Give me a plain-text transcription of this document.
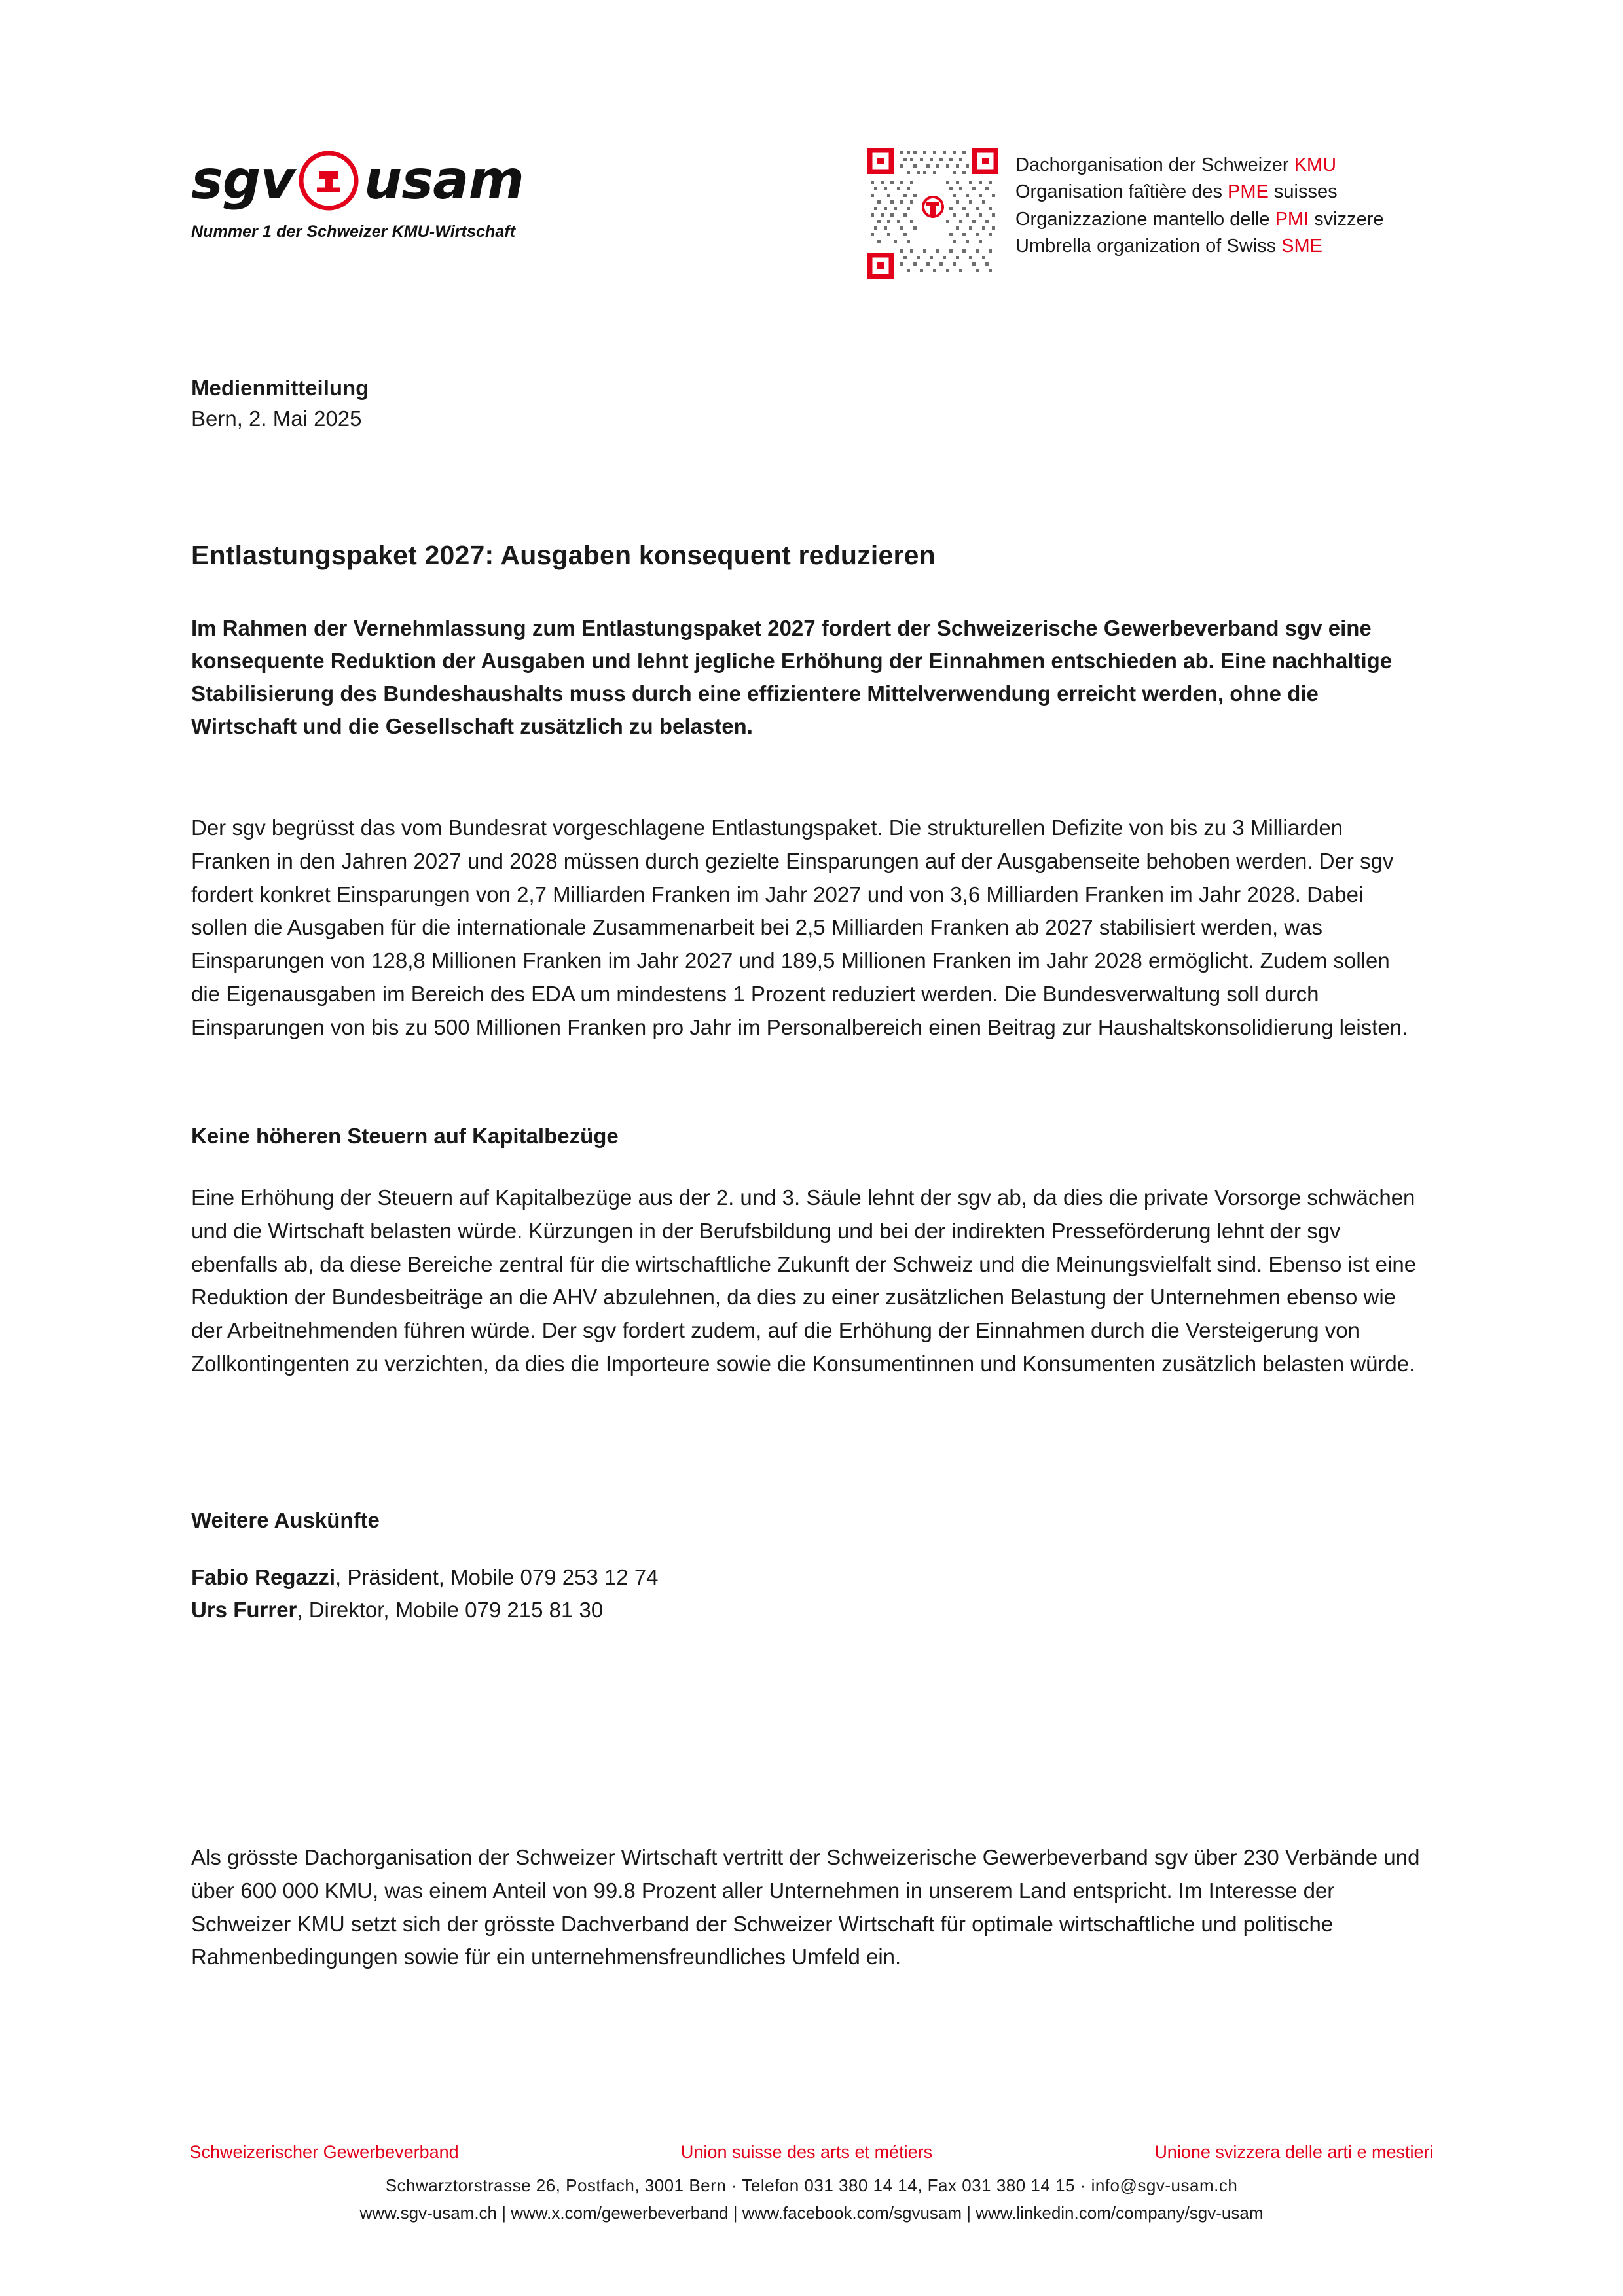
sgv usam
Nummer 1 der Schweizer KMU-Wirtschaft
Dachorganisation der Schweizer KMU
Organisation faîtière des PME suisses
Organizzazione mantello delle PMI svizzere
Umbrella organization of Swiss SME
Medienmitteilung
Bern, 2. Mai 2025
Entlastungspaket 2027: Ausgaben konsequent reduzieren

Im Rahmen der Vernehmlassung zum Entlastungspaket 2027 fordert der Schweizerische Gewerbeverband sgv eine konsequente Reduktion der Ausgaben und lehnt jegliche Erhöhung der Einnahmen entschieden ab. Eine nachhaltige Stabilisierung des Bundeshaushalts muss durch eine effizientere Mittelverwendung erreicht werden, ohne die Wirtschaft und die Gesellschaft zusätzlich zu belasten.

Der sgv begrüsst das vom Bundesrat vorgeschlagene Entlastungspaket. Die strukturellen Defizite von bis zu 3 Milliarden Franken in den Jahren 2027 und 2028 müssen durch gezielte Einsparungen auf der Ausgabenseite behoben werden. Der sgv fordert konkret Einsparungen von 2,7 Milliarden Franken im Jahr 2027 und von 3,6 Milliarden Franken im Jahr 2028. Dabei sollen die Ausgaben für die internationale Zusammenarbeit bei 2,5 Milliarden Franken ab 2027 stabilisiert werden, was Einsparungen von 128,8 Millionen Franken im Jahr 2027 und 189,5 Millionen Franken im Jahr 2028 ermöglicht. Zudem sollen die Eigenausgaben im Bereich des EDA um mindestens 1 Prozent reduziert werden. Die Bundesverwaltung soll durch Einsparungen von bis zu 500 Millionen Franken pro Jahr im Personalbereich einen Beitrag zur Haushaltskonsolidierung leisten.

Keine höheren Steuern auf Kapitalbezüge

Eine Erhöhung der Steuern auf Kapitalbezüge aus der 2. und 3. Säule lehnt der sgv ab, da dies die private Vorsorge schwächen und die Wirtschaft belasten würde. Kürzungen in der Berufsbildung und bei der indirekten Presseförderung lehnt der sgv ebenfalls ab, da diese Bereiche zentral für die wirtschaftliche Zukunft der Schweiz und die Meinungsvielfalt sind. Ebenso ist eine Reduktion der Bundesbeiträge an die AHV abzulehnen, da dies zu einer zusätzlichen Belastung der Unternehmen ebenso wie der Arbeitnehmenden führen würde. Der sgv fordert zudem, auf die Erhöhung der Einnahmen durch die Versteigerung von Zollkontingenten zu verzichten, da dies die Importeure sowie die Konsumentinnen und Konsumenten zusätzlich belasten würde.

Weitere Auskünfte
Fabio Regazzi, Präsident, Mobile 079 253 12 74
Urs Furrer, Direktor, Mobile 079 215 81 30

Als grösste Dachorganisation der Schweizer Wirtschaft vertritt der Schweizerische Gewerbeverband sgv über 230 Verbände und über 600 000 KMU, was einem Anteil von 99.8 Prozent aller Unternehmen in unserem Land entspricht. Im Interesse der Schweizer KMU setzt sich der grösste Dachverband der Schweizer Wirtschaft für optimale wirtschaftliche und politische Rahmenbedingungen sowie für ein unternehmensfreundliches Umfeld ein.

Schweizerischer Gewerbeverband	Union suisse des arts et métiers	Unione svizzera delle arti e mestieri
Schwarztorstrasse 26, Postfach, 3001 Bern · Telefon 031 380 14 14, Fax 031 380 14 15 · info@sgv-usam.ch
www.sgv-usam.ch | www.x.com/gewerbeverband | www.facebook.com/sgvusam | www.linkedin.com/company/sgv-usam
